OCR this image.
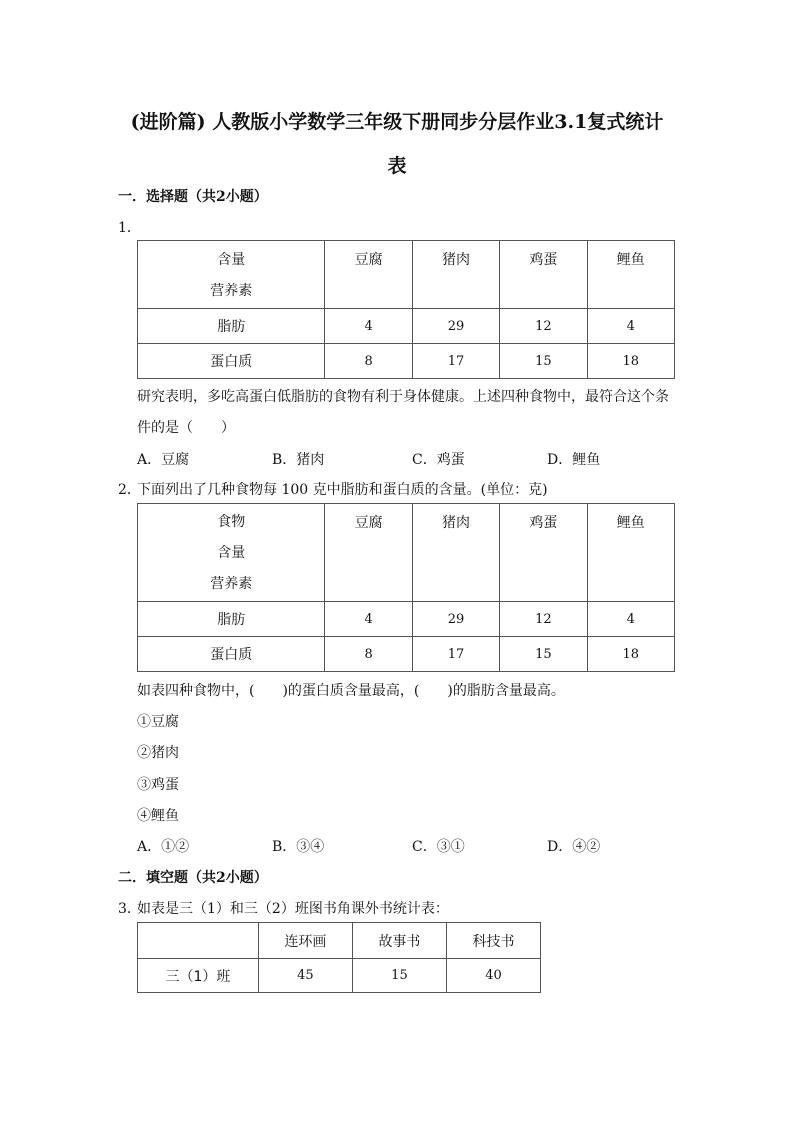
(进阶篇) 人教版小学数学三年级下册同步分层作业3.1复式统计
表
一．选择题（共2小题）
1．
含量
营养素	豆腐	猪肉	鸡蛋	鲤鱼
脂肪	4	29	12	4
蛋白质	8	17	15	18
研究表明，多吃高蛋白低脂肪的食物有利于身体健康。上述四种食物中，最符合这个条
件的是（　　）
A．豆腐	B．猪肉	C．鸡蛋	D．鲤鱼
2．
下面列出了几种食物每 100 克中脂肪和蛋白质的含量。(单位：克)
食物
含量
营养素	豆腐	猪肉	鸡蛋	鲤鱼
脂肪	4	29	12	4
蛋白质	8	17	15	18
如表四种食物中，(　　)的蛋白质含量最高，(　　)的脂肪含量最高。
①豆腐
②猪肉
③鸡蛋
④鲤鱼
A．①②	B．③④	C．③①	D．④②
二．填空题（共2小题）
3．
如表是三（1）和三（2）班图书角课外书统计表：
	连环画	故事书	科技书
三（1）班	45	15	40
